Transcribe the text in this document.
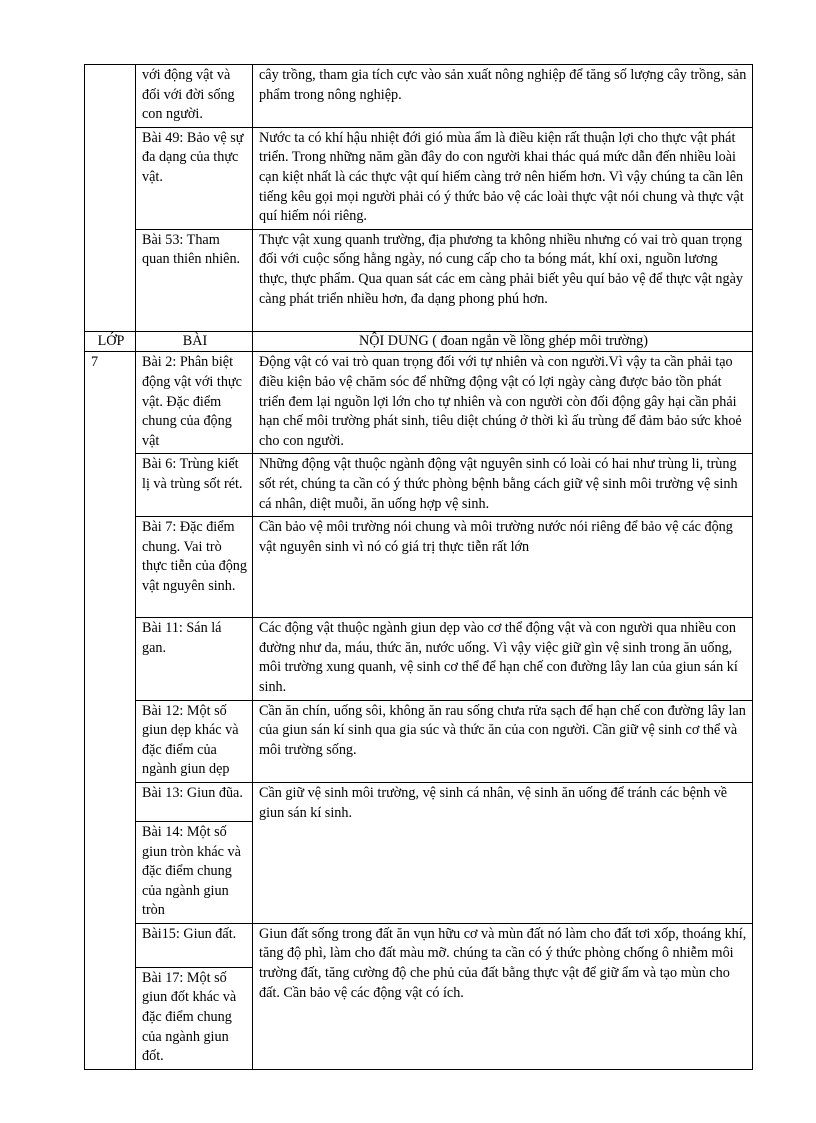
	với động vật và đối với đời sống con người.	cây trồng, tham gia tích cực vào sản xuất nông nghiệp để tăng số lượng cây trồng, sản phẩm trong nông nghiệp.
	Bài 49: Bảo vệ sự đa dạng của thực vật.	Nước ta có khí hậu nhiệt đới gió mùa ẩm là điều kiện rất thuận lợi cho thực vật phát triển. Trong những năm gần đây do con người khai thác quá mức dẫn đến nhiều loài cạn kiệt nhất là các thực vật quí hiếm càng trở nên hiếm hơn. Vì vậy chúng ta cần lên tiếng kêu gọi mọi người phải có ý thức bảo vệ các loài thực vật nói chung và thực vật quí hiếm nói riêng.
	Bài 53: Tham quan thiên nhiên.	Thực vật xung quanh trường, địa phương ta không nhiều nhưng có vai trò quan trọng đối với cuộc sống hằng ngày, nó cung cấp cho ta bóng mát, khí oxi, nguồn lương thực, thực phẩm. Qua quan sát các em càng phải biết yêu quí bảo vệ để thực vật ngày càng phát triển nhiều hơn, đa dạng phong phú hơn.
LỚP	BÀI	NỘI DUNG ( đoan ngắn về lồng ghép môi trường)
7	Bài 2: Phân biệt động vật với thực vật. Đặc điểm chung của động vật	Động vật có vai trò quan trọng đối với tự nhiên và con người.Vì vậy ta cần phải tạo điều kiện bảo vệ chăm sóc để những động vật có lợi ngày càng được bảo tồn phát triển đem lại nguồn lợi lớn cho tự nhiên và con người còn đối động gây hại cần phải hạn chế môi trường phát sinh, tiêu diệt chúng ở thời kì ấu trùng để đảm bảo sức khoẻ cho con người.
	Bài 6: Trùng kiết lị và trùng sốt rét.	Những động vật thuộc ngành động vật nguyên sinh có loài có hai như trùng li, trùng sốt rét, chúng ta cần có ý thức phòng bệnh bằng cách giữ vệ sinh môi trường vệ sinh cá nhân, diệt muỗi, ăn uống hợp vệ sinh.
	Bài 7: Đặc điểm chung. Vai trò thực tiễn của động vật nguyên sinh.	Cần bảo vệ môi trường nói chung và môi trường nước nói riêng để bảo vệ các động vật nguyên sinh vì nó có giá trị thực tiễn rất lớn
	Bài 11: Sán lá gan.	Các động vật thuộc ngành giun dẹp vào cơ thể động vật và con người qua nhiều con đường như da, máu, thức ăn, nước uống. Vì vậy việc giữ gìn vệ sinh trong ăn uống, môi trường xung quanh, vệ sinh cơ thể để hạn chế con đường lây lan của giun sán kí sinh.
	Bài 12: Một số giun dẹp khác và đặc điểm của ngành giun dẹp	Cần ăn chín, uống sôi, không ăn rau sống chưa rửa sạch để hạn chế con đường lây lan của giun sán kí sinh qua gia súc và thức ăn của con người. Cần giữ vệ sinh cơ thể và môi trường sống.
	Bài 13: Giun đũa.	Cần giữ vệ sinh môi trường, vệ sinh cá nhân, vệ sinh ăn uống để tránh các bệnh về giun sán kí sinh.
	Bài 14: Một số giun tròn khác và đặc điểm chung của ngành giun tròn	
	Bài15: Giun đất.	Giun đất sống trong đất ăn vụn hữu cơ và mùn đất nó làm cho đất tơi xốp, thoáng khí, tăng độ phì, làm cho đất màu mỡ. chúng ta cần có ý thức phòng chống ô nhiễm môi trường đất, tăng cường độ che phủ của đất bằng thực vật để giữ ẩm và tạo mùn cho đất. Cần bảo vệ các động vật có ích.
	Bài 17: Một số giun đốt khác và đặc điểm chung của ngành giun đốt.	
